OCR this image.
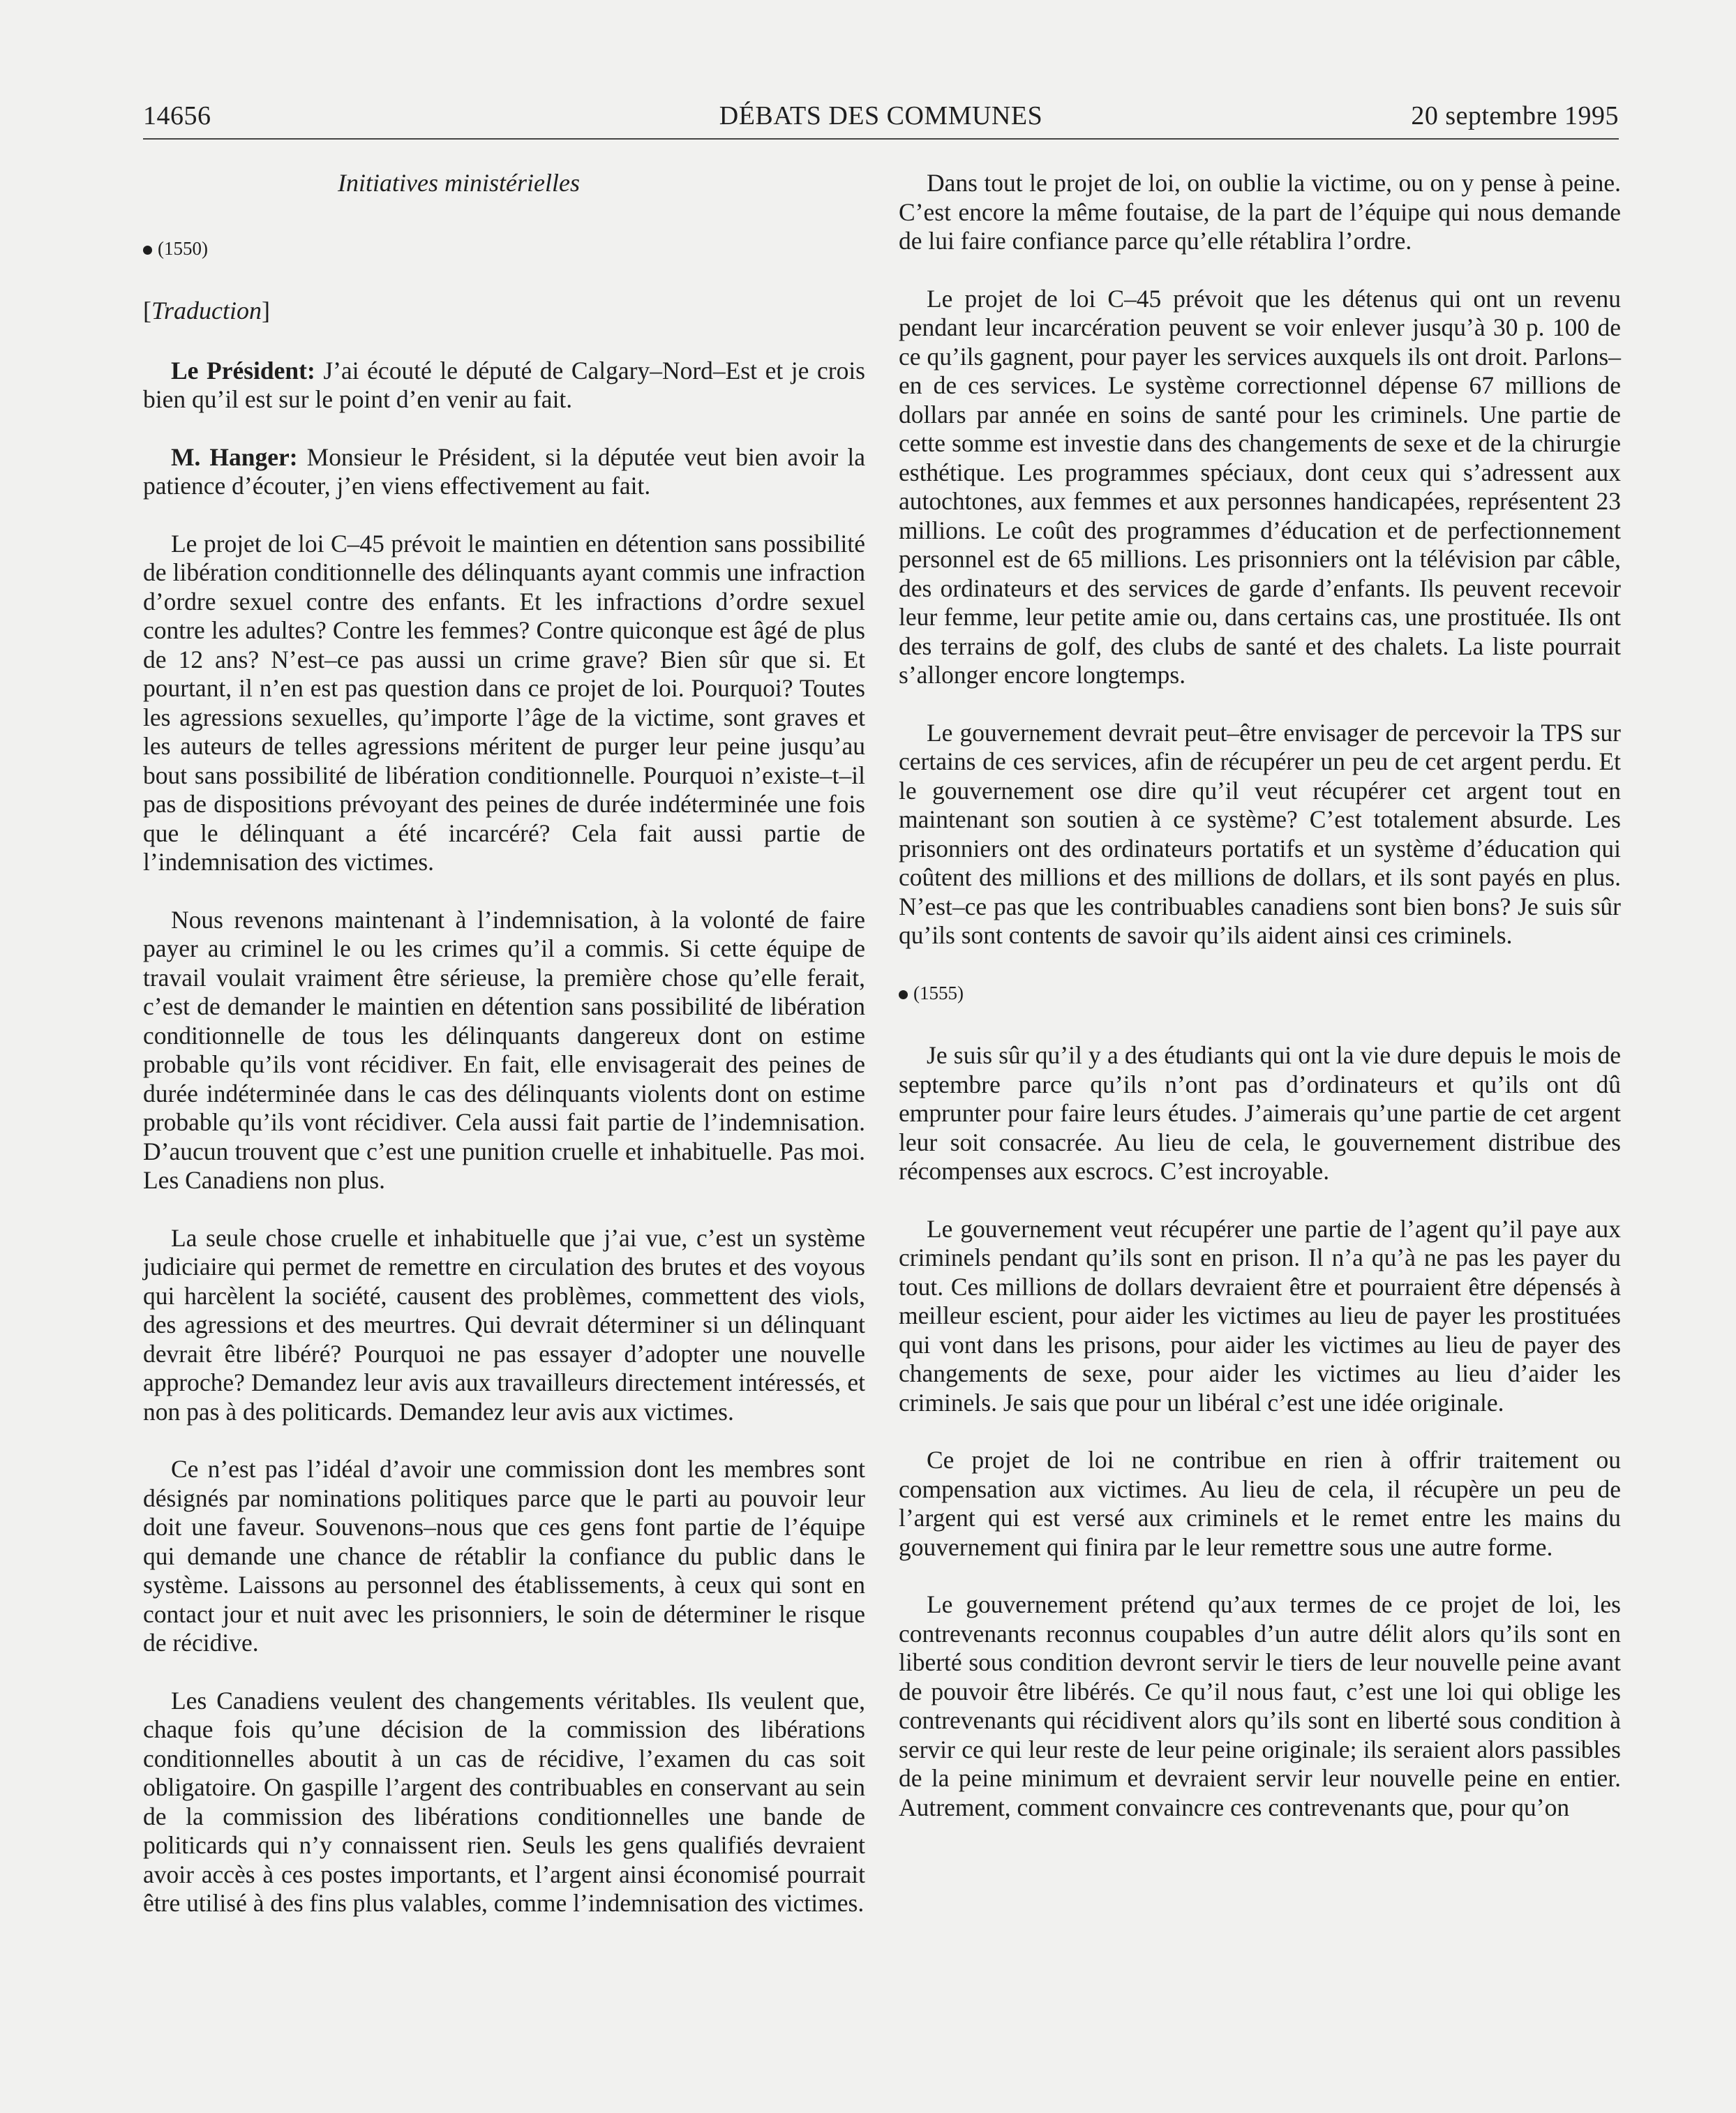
14656	DÉBATS DES COMMUNES	20 septembre 1995
Initiatives ministérielles
(1550)
[Traduction]

Le Président: J’ai écouté le député de Calgary–Nord–Est et je crois bien qu’il est sur le point d’en venir au fait.

M. Hanger: Monsieur le Président, si la députée veut bien avoir la patience d’écouter, j’en viens effectivement au fait.

Le projet de loi C–45 prévoit le maintien en détention sans possibilité de libération conditionnelle des délinquants ayant commis une infraction d’ordre sexuel contre des enfants. Et les infractions d’ordre sexuel contre les adultes? Contre les femmes? Contre quiconque est âgé de plus de 12 ans? N’est–ce pas aussi un crime grave? Bien sûr que si. Et pourtant, il n’en est pas question dans ce projet de loi. Pourquoi? Toutes les agressions sexuelles, qu’importe l’âge de la victime, sont graves et les auteurs de telles agressions méritent de purger leur peine jusqu’au bout sans possibilité de libération conditionnelle. Pourquoi n’existe–t–il pas de dispositions prévoyant des peines de durée indéterminée une fois que le délinquant a été incarcéré? Cela fait aussi partie de l’indemnisation des victimes.

Nous revenons maintenant à l’indemnisation, à la volonté de faire payer au criminel le ou les crimes qu’il a commis. Si cette équipe de travail voulait vraiment être sérieuse, la première chose qu’elle ferait, c’est de demander le maintien en détention sans possibilité de libération conditionnelle de tous les délinquants dangereux dont on estime probable qu’ils vont récidiver. En fait, elle envisagerait des peines de durée indéterminée dans le cas des délinquants violents dont on estime probable qu’ils vont récidiver. Cela aussi fait partie de l’indemnisation. D’aucun trouvent que c’est une punition cruelle et inhabituelle. Pas moi. Les Canadiens non plus.

La seule chose cruelle et inhabituelle que j’ai vue, c’est un système judiciaire qui permet de remettre en circulation des brutes et des voyous qui harcèlent la société, causent des problèmes, commettent des viols, des agressions et des meurtres. Qui devrait déterminer si un délinquant devrait être libéré? Pourquoi ne pas essayer d’adopter une nouvelle approche? Demandez leur avis aux travailleurs directement intéressés, et non pas à des politicards. Demandez leur avis aux victimes.

Ce n’est pas l’idéal d’avoir une commission dont les membres sont désignés par nominations politiques parce que le parti au pouvoir leur doit une faveur. Souvenons–nous que ces gens font partie de l’équipe qui demande une chance de rétablir la confiance du public dans le système. Laissons au personnel des établissements, à ceux qui sont en contact jour et nuit avec les prisonniers, le soin de déterminer le risque de récidive.

Les Canadiens veulent des changements véritables. Ils veulent que, chaque fois qu’une décision de la commission des libérations conditionnelles aboutit à un cas de récidive, l’examen du cas soit obligatoire. On gaspille l’argent des contribuables en conservant au sein de la commission des libérations conditionnelles une bande de politicards qui n’y connaissent rien. Seuls les gens qualifiés devraient avoir accès à ces postes importants, et l’argent ainsi économisé pourrait être utilisé à des fins plus valables, comme l’indemnisation des victimes.

Dans tout le projet de loi, on oublie la victime, ou on y pense à peine. C’est encore la même foutaise, de la part de l’équipe qui nous demande de lui faire confiance parce qu’elle rétablira l’ordre.

Le projet de loi C–45 prévoit que les détenus qui ont un revenu pendant leur incarcération peuvent se voir enlever jusqu’à 30 p. 100 de ce qu’ils gagnent, pour payer les services auxquels ils ont droit. Parlons–en de ces services. Le système correctionnel dépense 67 millions de dollars par année en soins de santé pour les criminels. Une partie de cette somme est investie dans des changements de sexe et de la chirurgie esthétique. Les programmes spéciaux, dont ceux qui s’adressent aux autochtones, aux femmes et aux personnes handicapées, représentent 23 millions. Le coût des programmes d’éducation et de perfectionnement personnel est de 65 millions. Les prisonniers ont la télévision par câble, des ordinateurs et des services de garde d’enfants. Ils peuvent recevoir leur femme, leur petite amie ou, dans certains cas, une prostituée. Ils ont des terrains de golf, des clubs de santé et des chalets. La liste pourrait s’allonger encore longtemps.

Le gouvernement devrait peut–être envisager de percevoir la TPS sur certains de ces services, afin de récupérer un peu de cet argent perdu. Et le gouvernement ose dire qu’il veut récupérer cet argent tout en maintenant son soutien à ce système? C’est totalement absurde. Les prisonniers ont des ordinateurs portatifs et un système d’éducation qui coûtent des millions et des millions de dollars, et ils sont payés en plus. N’est–ce pas que les contribuables canadiens sont bien bons? Je suis sûr qu’ils sont contents de savoir qu’ils aident ainsi ces criminels.

(1555)

Je suis sûr qu’il y a des étudiants qui ont la vie dure depuis le mois de septembre parce qu’ils n’ont pas d’ordinateurs et qu’ils ont dû emprunter pour faire leurs études. J’aimerais qu’une partie de cet argent leur soit consacrée. Au lieu de cela, le gouvernement distribue des récompenses aux escrocs. C’est incroyable.

Le gouvernement veut récupérer une partie de l’agent qu’il paye aux criminels pendant qu’ils sont en prison. Il n’a qu’à ne pas les payer du tout. Ces millions de dollars devraient être et pourraient être dépensés à meilleur escient, pour aider les victimes au lieu de payer les prostituées qui vont dans les prisons, pour aider les victimes au lieu de payer des changements de sexe, pour aider les victimes au lieu d’aider les criminels. Je sais que pour un libéral c’est une idée originale.

Ce projet de loi ne contribue en rien à offrir traitement ou compensation aux victimes. Au lieu de cela, il récupère un peu de l’argent qui est versé aux criminels et le remet entre les mains du gouvernement qui finira par le leur remettre sous une autre forme.

Le gouvernement prétend qu’aux termes de ce projet de loi, les contrevenants reconnus coupables d’un autre délit alors qu’ils sont en liberté sous condition devront servir le tiers de leur nouvelle peine avant de pouvoir être libérés. Ce qu’il nous faut, c’est une loi qui oblige les contrevenants qui récidivent alors qu’ils sont en liberté sous condition à servir ce qui leur reste de leur peine originale; ils seraient alors passibles de la peine minimum et devraient servir leur nouvelle peine en entier. Autrement, comment convaincre ces contrevenants que, pour qu’on
